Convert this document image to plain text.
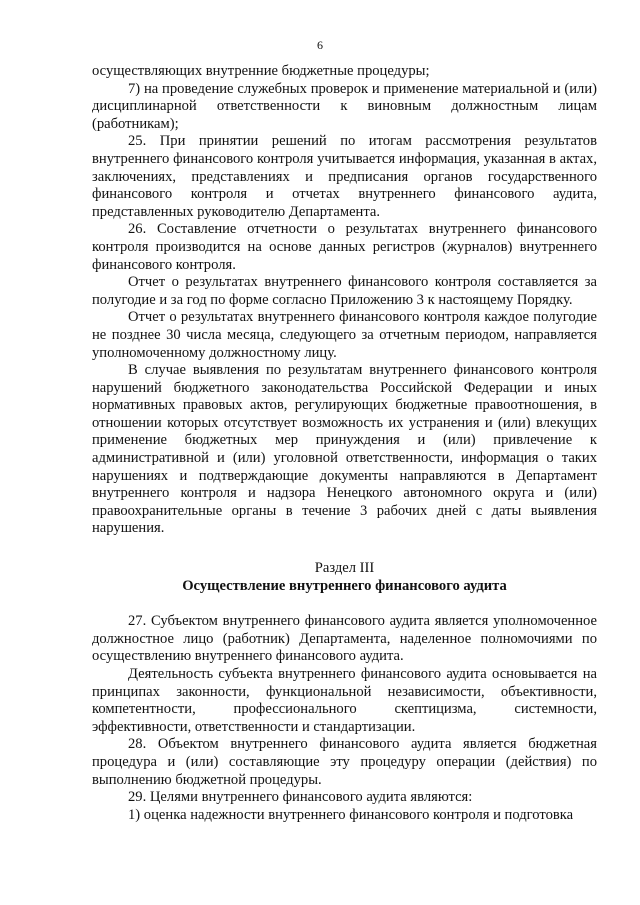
6

осуществляющих внутренние бюджетные процедуры;

7) на проведение служебных проверок и применение материальной и (или) дисциплинарной ответственности к виновным должностным лицам (работникам);

25. При принятии решений по итогам рассмотрения результатов внутреннего финансового контроля учитывается информация, указанная в актах, заключениях, представлениях и предписания органов государственного финансового контроля и отчетах внутреннего финансового аудита, представленных руководителю Департамента.

26. Составление отчетности о результатах внутреннего финансового контроля производится на основе данных регистров (журналов) внутреннего финансового контроля.

Отчет о результатах внутреннего финансового контроля составляется за полугодие и за год по форме согласно Приложению 3 к настоящему Порядку.

Отчет о результатах внутреннего финансового контроля каждое полугодие не позднее 30 числа месяца, следующего за отчетным периодом, направляется уполномоченному должностному лицу.

В случае выявления по результатам внутреннего финансового контроля нарушений бюджетного законодательства Российской Федерации и иных нормативных правовых актов, регулирующих бюджетные правоотношения, в отношении которых отсутствует возможность их устранения и (или) влекущих применение бюджетных мер принуждения и (или) привлечение к административной и (или) уголовной ответственности, информация о таких нарушениях и подтверждающие документы направляются в Департамент внутреннего контроля и надзора Ненецкого автономного округа и (или) правоохранительные органы в течение 3 рабочих дней с даты выявления нарушения.

Раздел III

Осуществление внутреннего финансового аудита

27. Субъектом внутреннего финансового аудита является уполномоченное должностное лицо (работник) Департамента, наделенное полномочиями по осуществлению внутреннего финансового аудита.

Деятельность субъекта внутреннего финансового аудита основывается на принципах законности, функциональной независимости, объективности, компетентности, профессионального скептицизма, системности, эффективности, ответственности и стандартизации.

28. Объектом внутреннего финансового аудита является бюджетная процедура и (или) составляющие эту процедуру операции (действия) по выполнению бюджетной процедуры.

29. Целями внутреннего финансового аудита являются:

1) оценка надежности внутреннего финансового контроля и подготовка
